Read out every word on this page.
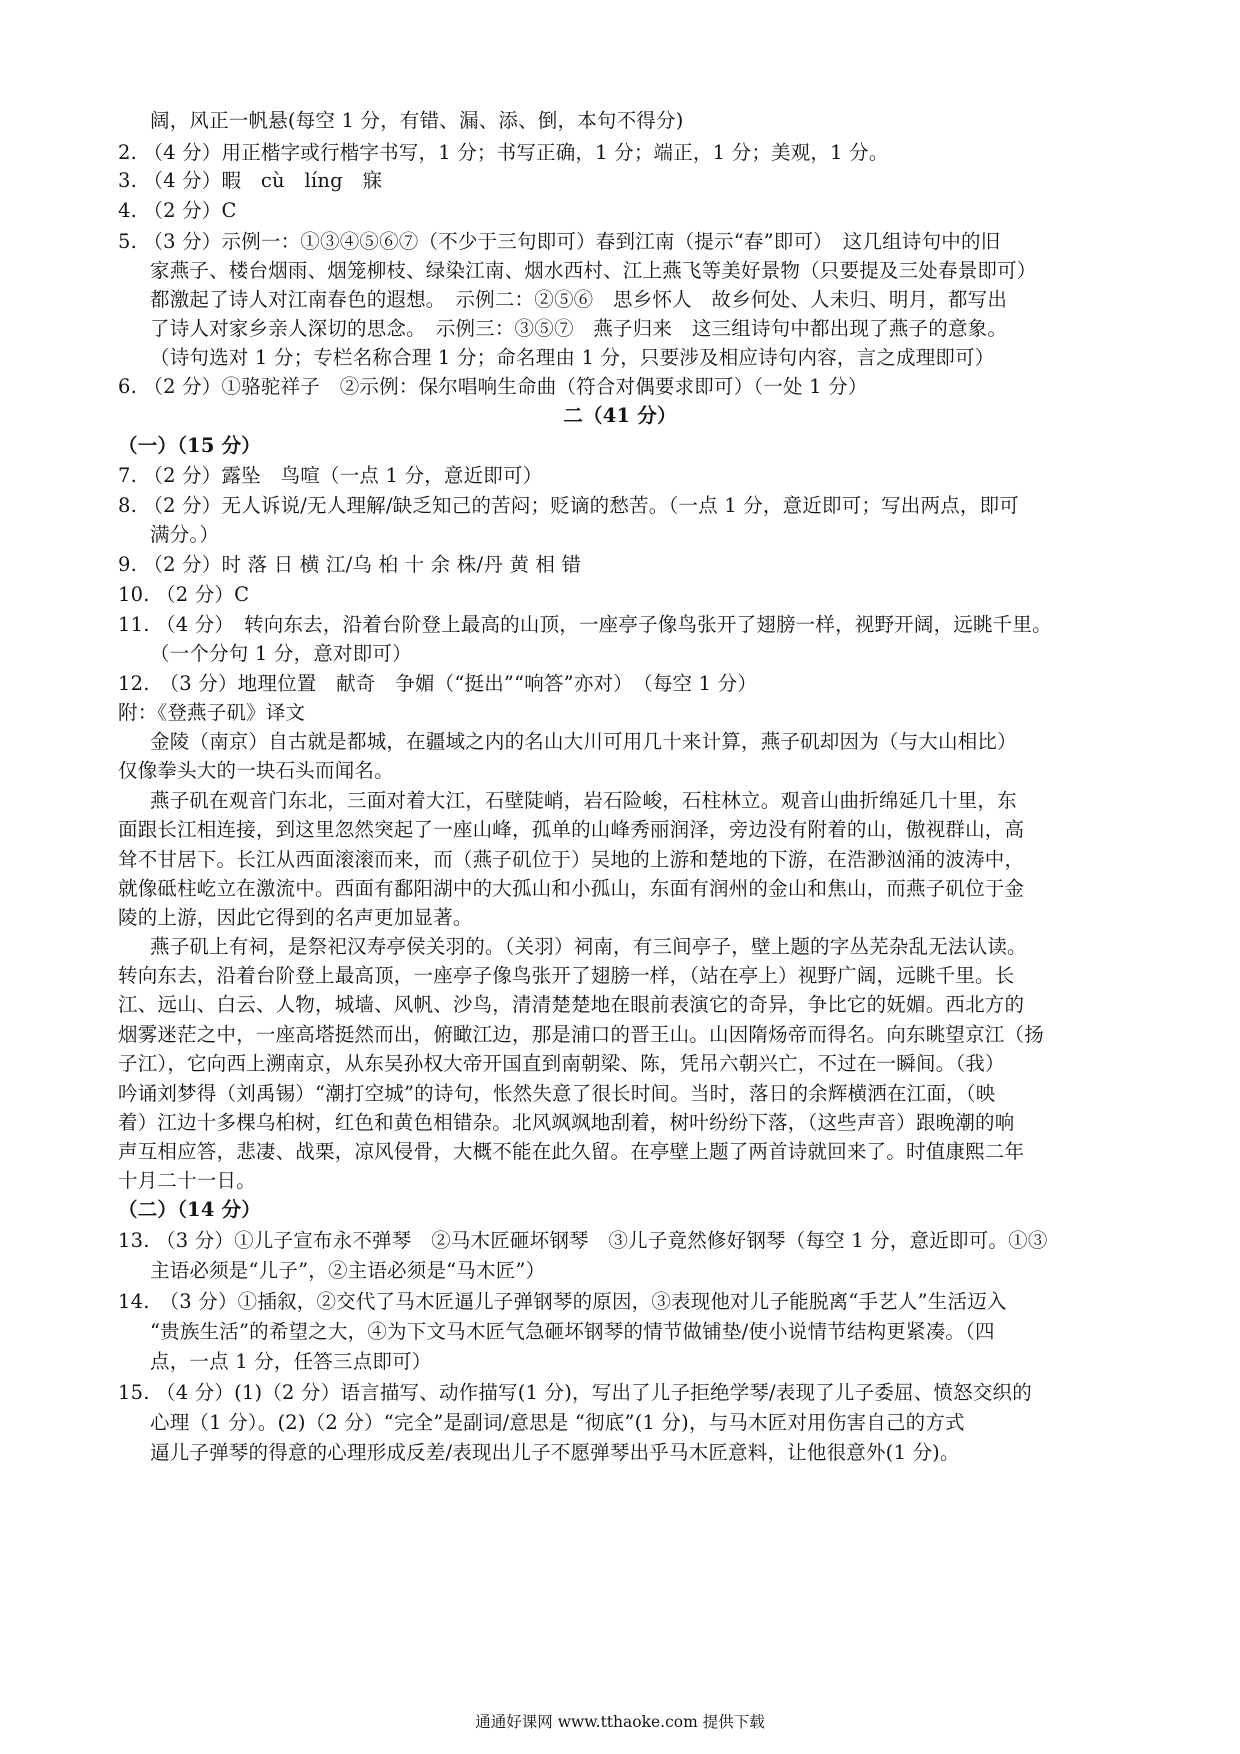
阔，风正一帆悬(每空 1 分，有错、漏、添、倒，本句不得分)
2. （4 分）用正楷字或行楷字书写，1 分；书写正确，1 分；端正，1 分；美观，1 分。
3. （4 分）暇　cù　líng　寐
4. （2 分）C
5. （3 分）示例一：①③④⑤⑥⑦（不少于三句即可）春到江南（提示“春”即可）　这几组诗句中的旧
家燕子、楼台烟雨、烟笼柳枝、绿染江南、烟水西村、江上燕飞等美好景物（只要提及三处春景即可）
都激起了诗人对江南春色的遐想。　示例二：②⑤⑥　思乡怀人　故乡何处、人未归、明月，都写出
了诗人对家乡亲人深切的思念。　示例三：③⑤⑦　燕子归来　这三组诗句中都出现了燕子的意象。
（诗句选对 1 分；专栏名称合理 1 分；命名理由 1 分，只要涉及相应诗句内容，言之成理即可）
6. （2 分）①骆驼祥子　②示例：保尔唱响生命曲（符合对偶要求即可）（一处 1 分）
二（41 分）
（一）（15 分）
7. （2 分）露坠　鸟喧（一点 1 分，意近即可）
8. （2 分）无人诉说/无人理解/缺乏知己的苦闷；贬谪的愁苦。（一点 1 分，意近即可；写出两点，即可
满分。）
9. （2 分）时 落 日 横 江/乌 桕 十 余 株/丹 黄 相 错
10. （2 分）C
11. （4 分）　转向东去，沿着台阶登上最高的山顶，一座亭子像鸟张开了翅膀一样，视野开阔，远眺千里。
（一个分句 1 分，意对即可）
12.　（3 分）地理位置　献奇　争媚（“挺出”“响答”亦对）　（每空 1 分）
附：《登燕子矶》译文
金陵（南京）自古就是都城，在疆域之内的名山大川可用几十来计算，燕子矶却因为（与大山相比）
仅像拳头大的一块石头而闻名。
燕子矶在观音门东北，三面对着大江，石壁陡峭，岩石险峻，石柱林立。观音山曲折绵延几十里，东
面跟长江相连接，到这里忽然突起了一座山峰，孤单的山峰秀丽润泽，旁边没有附着的山，傲视群山，高
耸不甘居下。长江从西面滚滚而来，而（燕子矶位于）吴地的上游和楚地的下游，在浩渺汹涌的波涛中，
就像砥柱屹立在激流中。西面有鄱阳湖中的大孤山和小孤山，东面有润州的金山和焦山，而燕子矶位于金
陵的上游，因此它得到的名声更加显著。
燕子矶上有祠，是祭祀汉寿亭侯关羽的。（关羽）祠南，有三间亭子，壁上题的字丛芜杂乱无法认读。
转向东去，沿着台阶登上最高顶，一座亭子像鸟张开了翅膀一样，（站在亭上）视野广阔，远眺千里。长
江、远山、白云、人物，城墙、风帆、沙鸟，清清楚楚地在眼前表演它的奇异，争比它的妩媚。西北方的
烟雾迷茫之中，一座高塔挺然而出，俯瞰江边，那是浦口的晋王山。山因隋炀帝而得名。向东眺望京江（扬
子江），它向西上溯南京，从东吴孙权大帝开国直到南朝梁、陈，凭吊六朝兴亡，不过在一瞬间。（我）
吟诵刘梦得（刘禹锡）“潮打空城”的诗句，怅然失意了很长时间。当时，落日的余辉横洒在江面，（映
着）江边十多棵乌桕树，红色和黄色相错杂。北风飒飒地刮着，树叶纷纷下落，（这些声音）跟晚潮的响
声互相应答，悲凄、战栗，凉风侵骨，大概不能在此久留。在亭壁上题了两首诗就回来了。时值康熙二年
十月二十一日。
（二）（14 分）
13. （3 分）①儿子宣布永不弹琴　②马木匠砸坏钢琴　③儿子竟然修好钢琴（每空 1 分，意近即可。①③
主语必须是“儿子”，②主语必须是“马木匠”）
14.　（3 分）①插叙，②交代了马木匠逼儿子弹钢琴的原因，③表现他对儿子能脱离“手艺人”生活迈入
“贵族生活”的希望之大，④为下文马木匠气急砸坏钢琴的情节做铺垫/使小说情节结构更紧凑。（四
点，一点 1 分，任答三点即可）
15. （4 分）(1)（2 分）语言描写、动作描写(1 分)，写出了儿子拒绝学琴/表现了儿子委屈、愤怒交织的
心理（1 分）。(2)（2 分）“完全”是副词/意思是 “彻底”(1 分)，与马木匠对用伤害自己的方式
逼儿子弹琴的得意的心理形成反差/表现出儿子不愿弹琴出乎马木匠意料，让他很意外(1 分)。
通通好课网 www.tthaoke.com 提供下载
